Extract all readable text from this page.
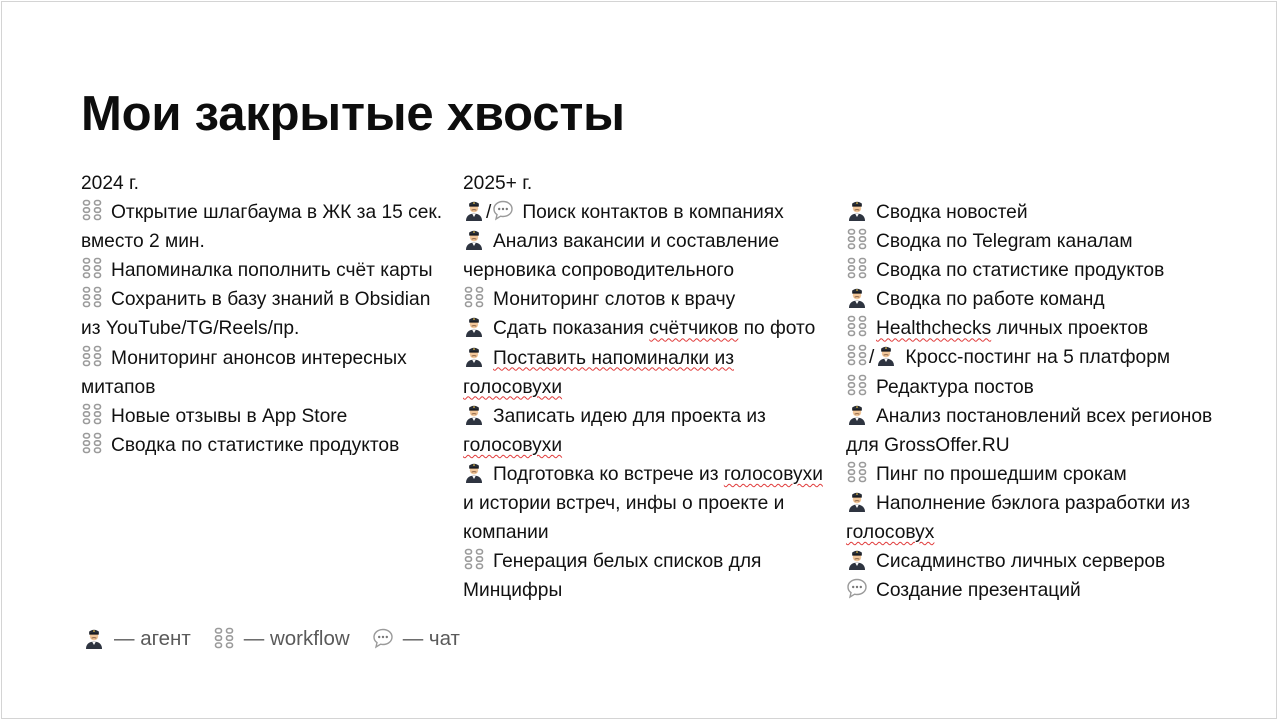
Мои закрытые хвосты
2024 г.
Открытие шлагбаума в ЖК за 15 сек. вместо 2 мин.
Напоминалка пополнить счёт карты
Сохранить в базу знаний в Obsidian из YouTube/TG/Reels/пр.
Мониторинг анонсов интересных митапов
Новые отзывы в App Store
Сводка по статистике продуктов
2025+ г.
/ Поиск контактов в компаниях
Анализ вакансии и составление черновика сопроводительного
Мониторинг слотов к врачу
Сдать показания счётчиков по фото
Поставить напоминалки из голосовухи
Записать идею для проекта из голосовухи
Подготовка ко встрече из голосовухи и истории встреч, инфы о проекте и компании
Генерация белых списков для Минцифры
Сводка новостей
Сводка по Telegram каналам
Сводка по статистике продуктов
Сводка по работе команд
Healthchecks личных проектов
/ Кросс-постинг на 5 платформ
Редактура постов
Анализ постановлений всех регионов для GrossOffer.RU
Пинг по прошедшим срокам
Наполнение бэклога разработки из голосовух
Сисадминство личных серверов
Создание презентаций
— агент	— workflow	— чат
